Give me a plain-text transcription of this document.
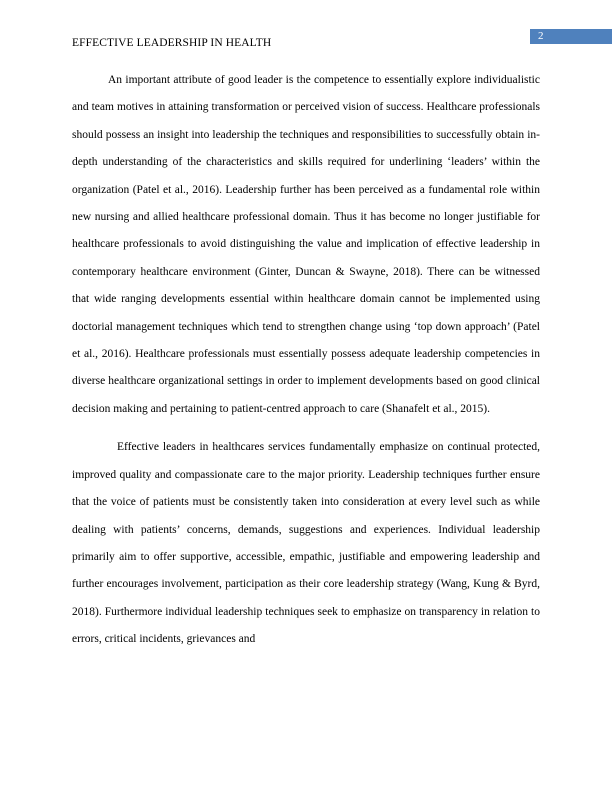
2
EFFECTIVE LEADERSHIP IN HEALTH

An important attribute of good leader is the competence to essentially explore individualistic and team motives in attaining transformation or perceived vision of success. Healthcare professionals should possess an insight into leadership the techniques and responsibilities to successfully obtain in-depth understanding of the characteristics and skills required for underlining ‘leaders’ within the organization (Patel et al., 2016). Leadership further has been perceived as a fundamental role within new nursing and allied healthcare professional domain. Thus it has become no longer justifiable for healthcare professionals to avoid distinguishing the value and implication of effective leadership in contemporary healthcare environment (Ginter, Duncan & Swayne, 2018). There can be witnessed that wide ranging developments essential within healthcare domain cannot be implemented using doctorial management techniques which tend to strengthen change using ‘top down approach’ (Patel et al., 2016). Healthcare professionals must essentially possess adequate leadership competencies in diverse healthcare organizational settings in order to implement developments based on good clinical decision making and pertaining to patient-centred approach to care (Shanafelt et al., 2015).

Effective leaders in healthcares services fundamentally emphasize on continual protected, improved quality and compassionate care to the major priority. Leadership techniques further ensure that the voice of patients must be consistently taken into consideration at every level such as while dealing with patients’ concerns, demands, suggestions and experiences. Individual leadership primarily aim to offer supportive, accessible, empathic, justifiable and empowering leadership and further encourages involvement, participation as their core leadership strategy (Wang, Kung & Byrd, 2018). Furthermore individual leadership techniques seek to emphasize on transparency in relation to errors, critical incidents, grievances and
